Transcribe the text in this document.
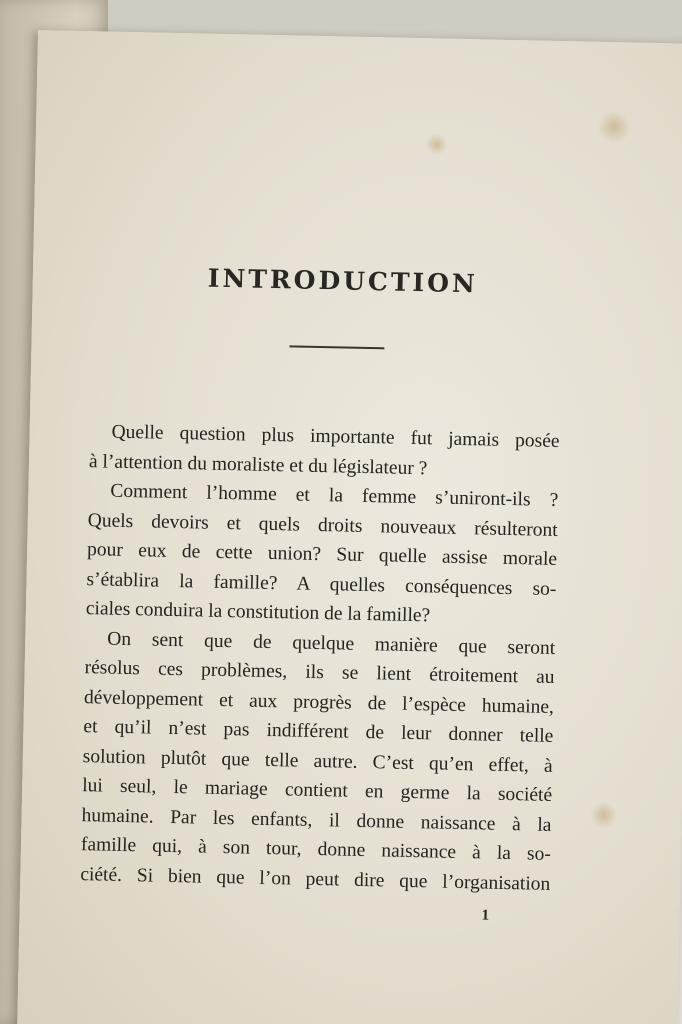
INTRODUCTION
Quelle question plus importante fut jamais posée
à l’attention du moraliste et du législateur ?
Comment l’homme et la femme s’uniront-ils ?
Quels devoirs et quels droits nouveaux résulteront
pour eux de cette union? Sur quelle assise morale
s’établira la famille? A quelles conséquences so-
ciales conduira la constitution de la famille?
On sent que de quelque manière que seront
résolus ces problèmes, ils se lient étroitement au
développement et aux progrès de l’espèce humaine,
et qu’il n’est pas indifférent de leur donner telle
solution plutôt que telle autre. C’est qu’en effet, à
lui seul, le mariage contient en germe la société
humaine. Par les enfants, il donne naissance à la
famille qui, à son tour, donne naissance à la so-
ciété. Si bien que l’on peut dire que l’organisation
1
